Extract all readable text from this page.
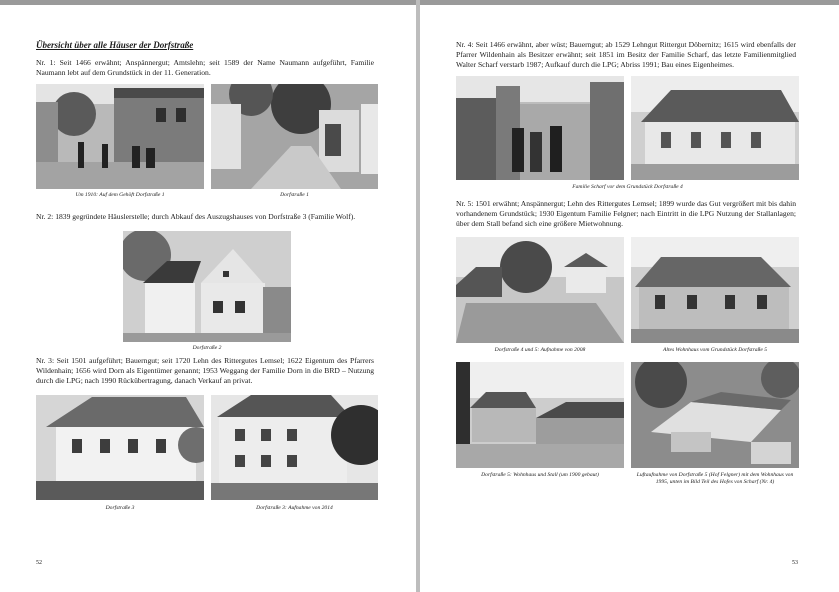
Übersicht über alle Häuser der Dorfstraße
Nr. 1: Seit 1466 erwähnt; Anspännergut; Amtslehn; seit 1589 der Name Naumann aufgeführt, Familie Naumann lebt auf dem Grundstück in der 11. Generation.
Um 1910: Auf dem Gehöft Dorfstraße 1	Dorfstraße 1
Nr. 2: 1839 gegründete Häuslerstelle; durch Abkauf des Auszugshauses von Dorfstraße 3 (Familie Wolf).
Dorfstraße 2
Nr. 3: Seit 1501 aufgeführt; Bauerngut; seit 1720 Lehn des Rittergutes Lemsel; 1622 Eigentum des Pfarrers Wildenhain; 1656 wird Dorn als Eigentümer genannt; 1953 Weggang der Familie Dorn in die BRD – Nutzung durch die LPG; nach 1990 Rückübertragung, danach Verkauf an privat.
Dorfstraße 3	Dorfstraße 3: Aufnahme von 2014
52
Nr. 4: Seit 1466 erwähnt, aber wüst; Bauerngut; ab 1529 Lehngut Rittergut Döbernitz; 1615 wird ebenfalls der Pfarrer Wildenhain als Besitzer erwähnt; seit 1851 im Besitz der Familie Scharf, das letzte Familienmitglied Walter Scharf verstarb 1987; Aufkauf durch die LPG; Abriss 1991; Bau eines Eigenheimes.
Familie Scharf vor dem Grundstück Dorfstraße 4
Nr. 5: 1501 erwähnt; Anspännergut; Lehn des Rittergutes Lemsel; 1899 wurde das Gut vergrößert mit bis dahin vorhandenem Grundstück; 1930 Eigentum Familie Felgner; nach Eintritt in die LPG Nutzung der Stallanlagen; über dem Stall befand sich eine größere Mietwohnung.
Dorfstraße 4 und 5: Aufnahme von 2008	Altes Wohnhaus vom Grundstück Dorfstraße 5
Dorfstraße 5: Wohnhaus und Stall (um 1900 gebaut)	Luftaufnahme von Dorfstraße 5 (Hof Felgner) mit dem Wohnhaus von 1995, unten im Bild Teil des Hofes von Scharf (Nr. 4)
53
